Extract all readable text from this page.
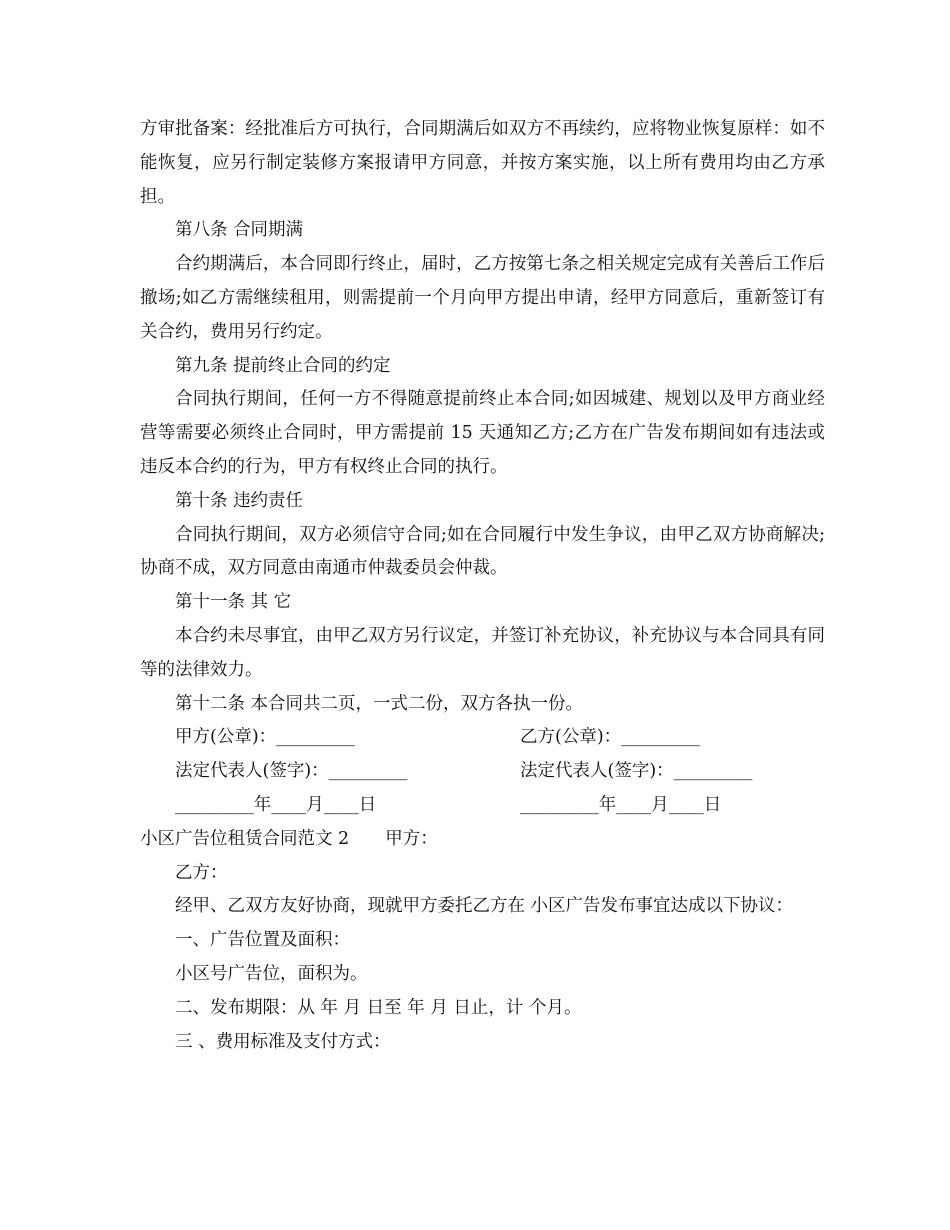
方审批备案：经批准后方可执行，合同期满后如双方不再续约，应将物业恢复原样：如不能恢复，应另行制定装修方案报请甲方同意，并按方案实施，以上所有费用均由乙方承担。

第八条 合同期满

合约期满后，本合同即行终止，届时，乙方按第七条之相关规定完成有关善后工作后撤场;如乙方需继续租用，则需提前一个月向甲方提出申请，经甲方同意后，重新签订有关合约，费用另行约定。

第九条 提前终止合同的约定

合同执行期间，任何一方不得随意提前终止本合同;如因城建、规划以及甲方商业经营等需要必须终止合同时，甲方需提前 15 天通知乙方;乙方在广告发布期间如有违法或违反本合约的行为，甲方有权终止合同的执行。

第十条 违约责任

合同执行期间，双方必须信守合同;如在合同履行中发生争议，由甲乙双方协商解决;协商不成，双方同意由南通市仲裁委员会仲裁。

第十一条 其 它

本合约未尽事宜，由甲乙双方另行议定，并签订补充协议，补充协议与本合同具有同等的法律效力。

第十二条 本合同共二页，一式二份，双方各执一份。

甲方(公章)：_________	乙方(公章)：_________
法定代表人(签字)：_________	法定代表人(签字)：_________
_________年____月____日	_________年____月____日

小区广告位租赁合同范文 2 甲方：

乙方：

经甲、乙双方友好协商，现就甲方委托乙方在 小区广告发布事宜达成以下协议：

一、广告位置及面积：

小区号广告位，面积为。

二、发布期限：从 年 月 日至 年 月 日止，计 个月。

三 、费用标准及支付方式：
